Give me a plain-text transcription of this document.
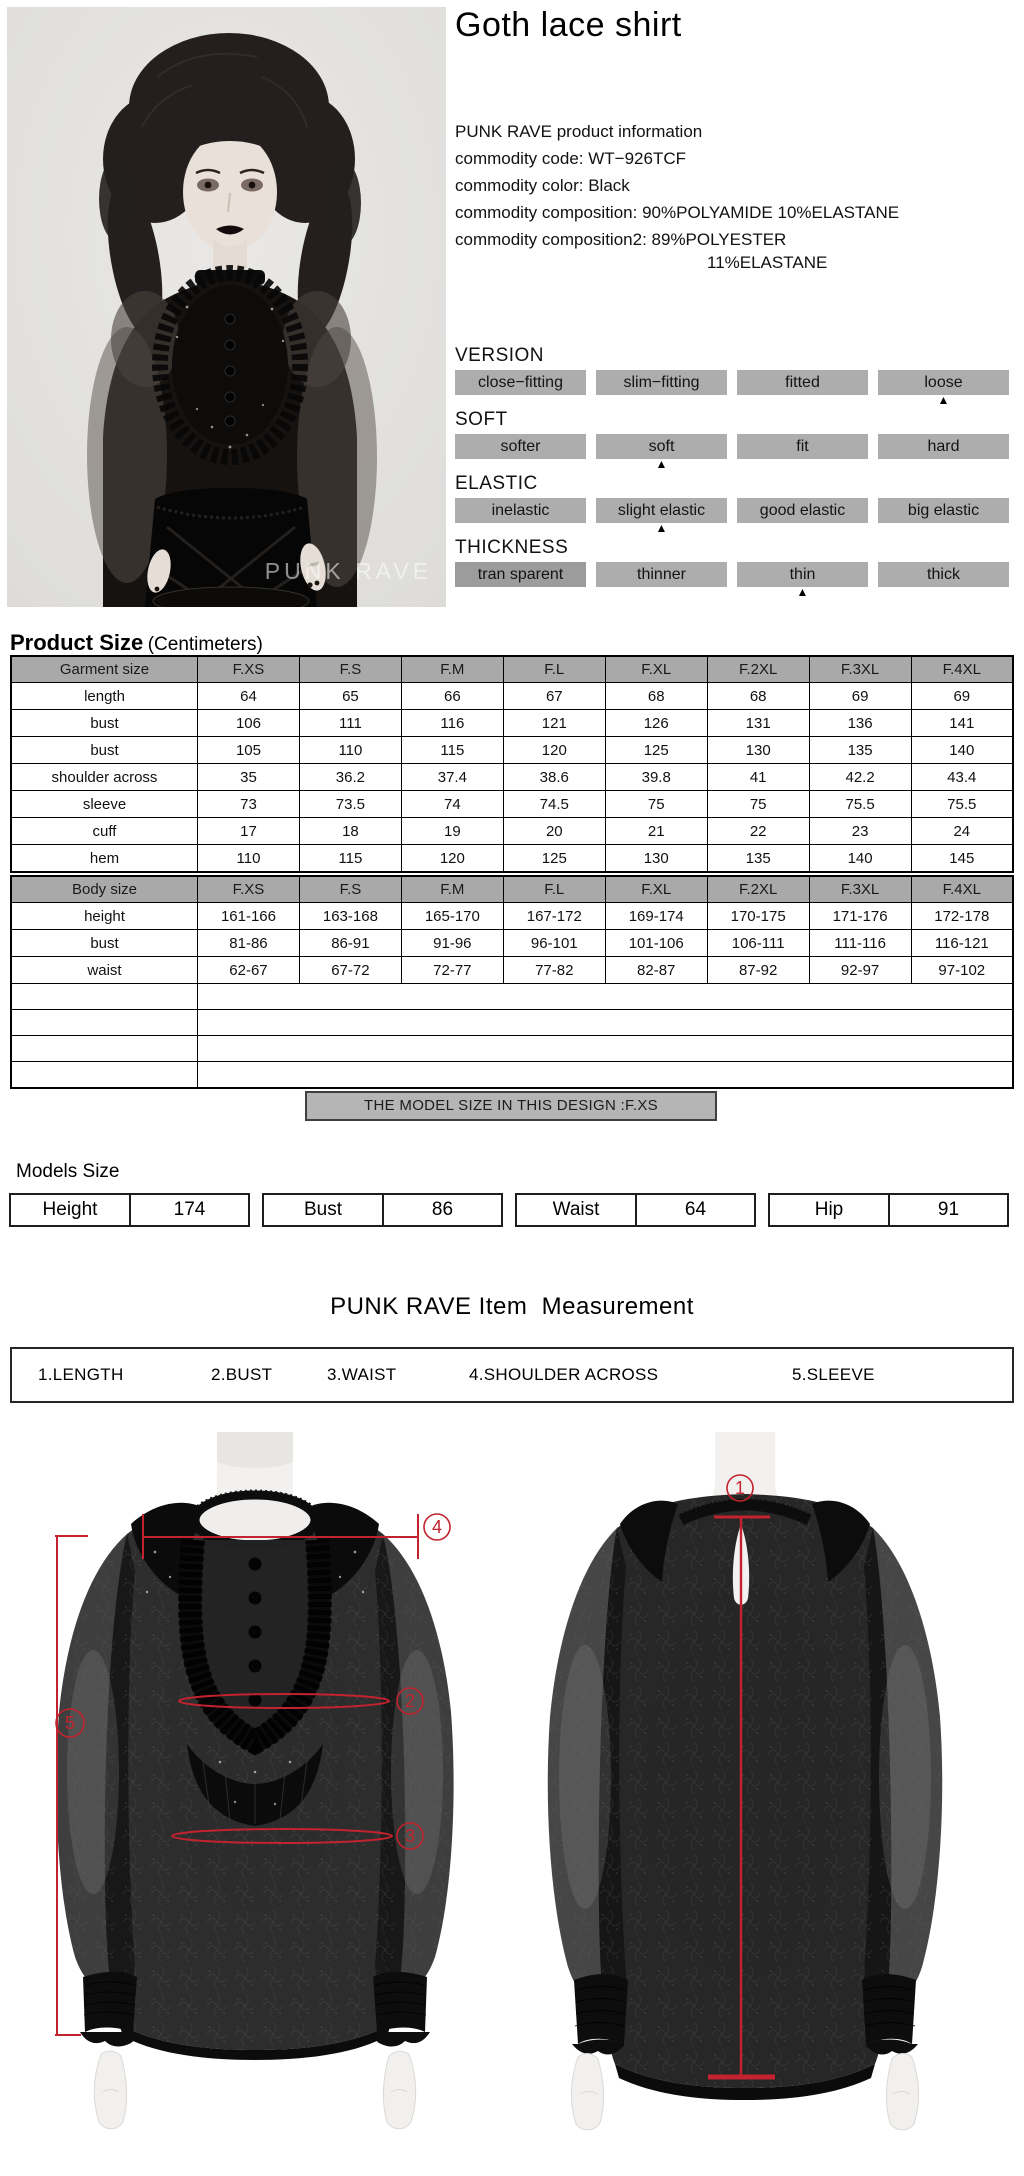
PUNK RAVE
Goth lace shirt
PUNK RAVE product information
commodity code: WT−926TCF
commodity color: Black
commodity composition: 90%POLYAMIDE 10%ELASTANE
commodity composition2: 89%POLYESTER
11%ELASTANE
VERSION
close−fitting	slim−fitting	fitted	loose
▲
SOFT
softer	soft
▲
fit	hard
ELASTIC
inelastic	slight elastic
▲
good elastic	big elastic
THICKNESS
tran sparent	thinner	thin
▲
thick
Product Size (Centimeters)
Garment size	F.XS	F.S	F.M	F.L	F.XL	F.2XL	F.3XL	F.4XL
length	64	65	66	67	68	68	69	69
bust	106	111	116	121	126	131	136	141
bust	105	110	115	120	125	130	135	140
shoulder across	35	36.2	37.4	38.6	39.8	41	42.2	43.4
sleeve	73	73.5	74	74.5	75	75	75.5	75.5
cuff	17	18	19	20	21	22	23	24
hem	110	115	120	125	130	135	140	145
Body size	F.XS	F.S	F.M	F.L	F.XL	F.2XL	F.3XL	F.4XL
height	161-166	163-168	165-170	167-172	169-174	170-175	171-176	172-178
bust	81-86	86-91	91-96	96-101	101-106	106-111	111-116	116-121
waist	62-67	67-72	72-77	77-82	82-87	87-92	92-97	97-102

THE MODEL SIZE IN THIS DESIGN :F.XS
Models Size
Height	174	Bust	86	Waist	64	Hip	91
PUNK RAVE Item  Measurement
1.LENGTH	2.BUST	3.WAIST	4.SHOULDER ACROSS	5.SLEEVE
4
5
2
3
1
